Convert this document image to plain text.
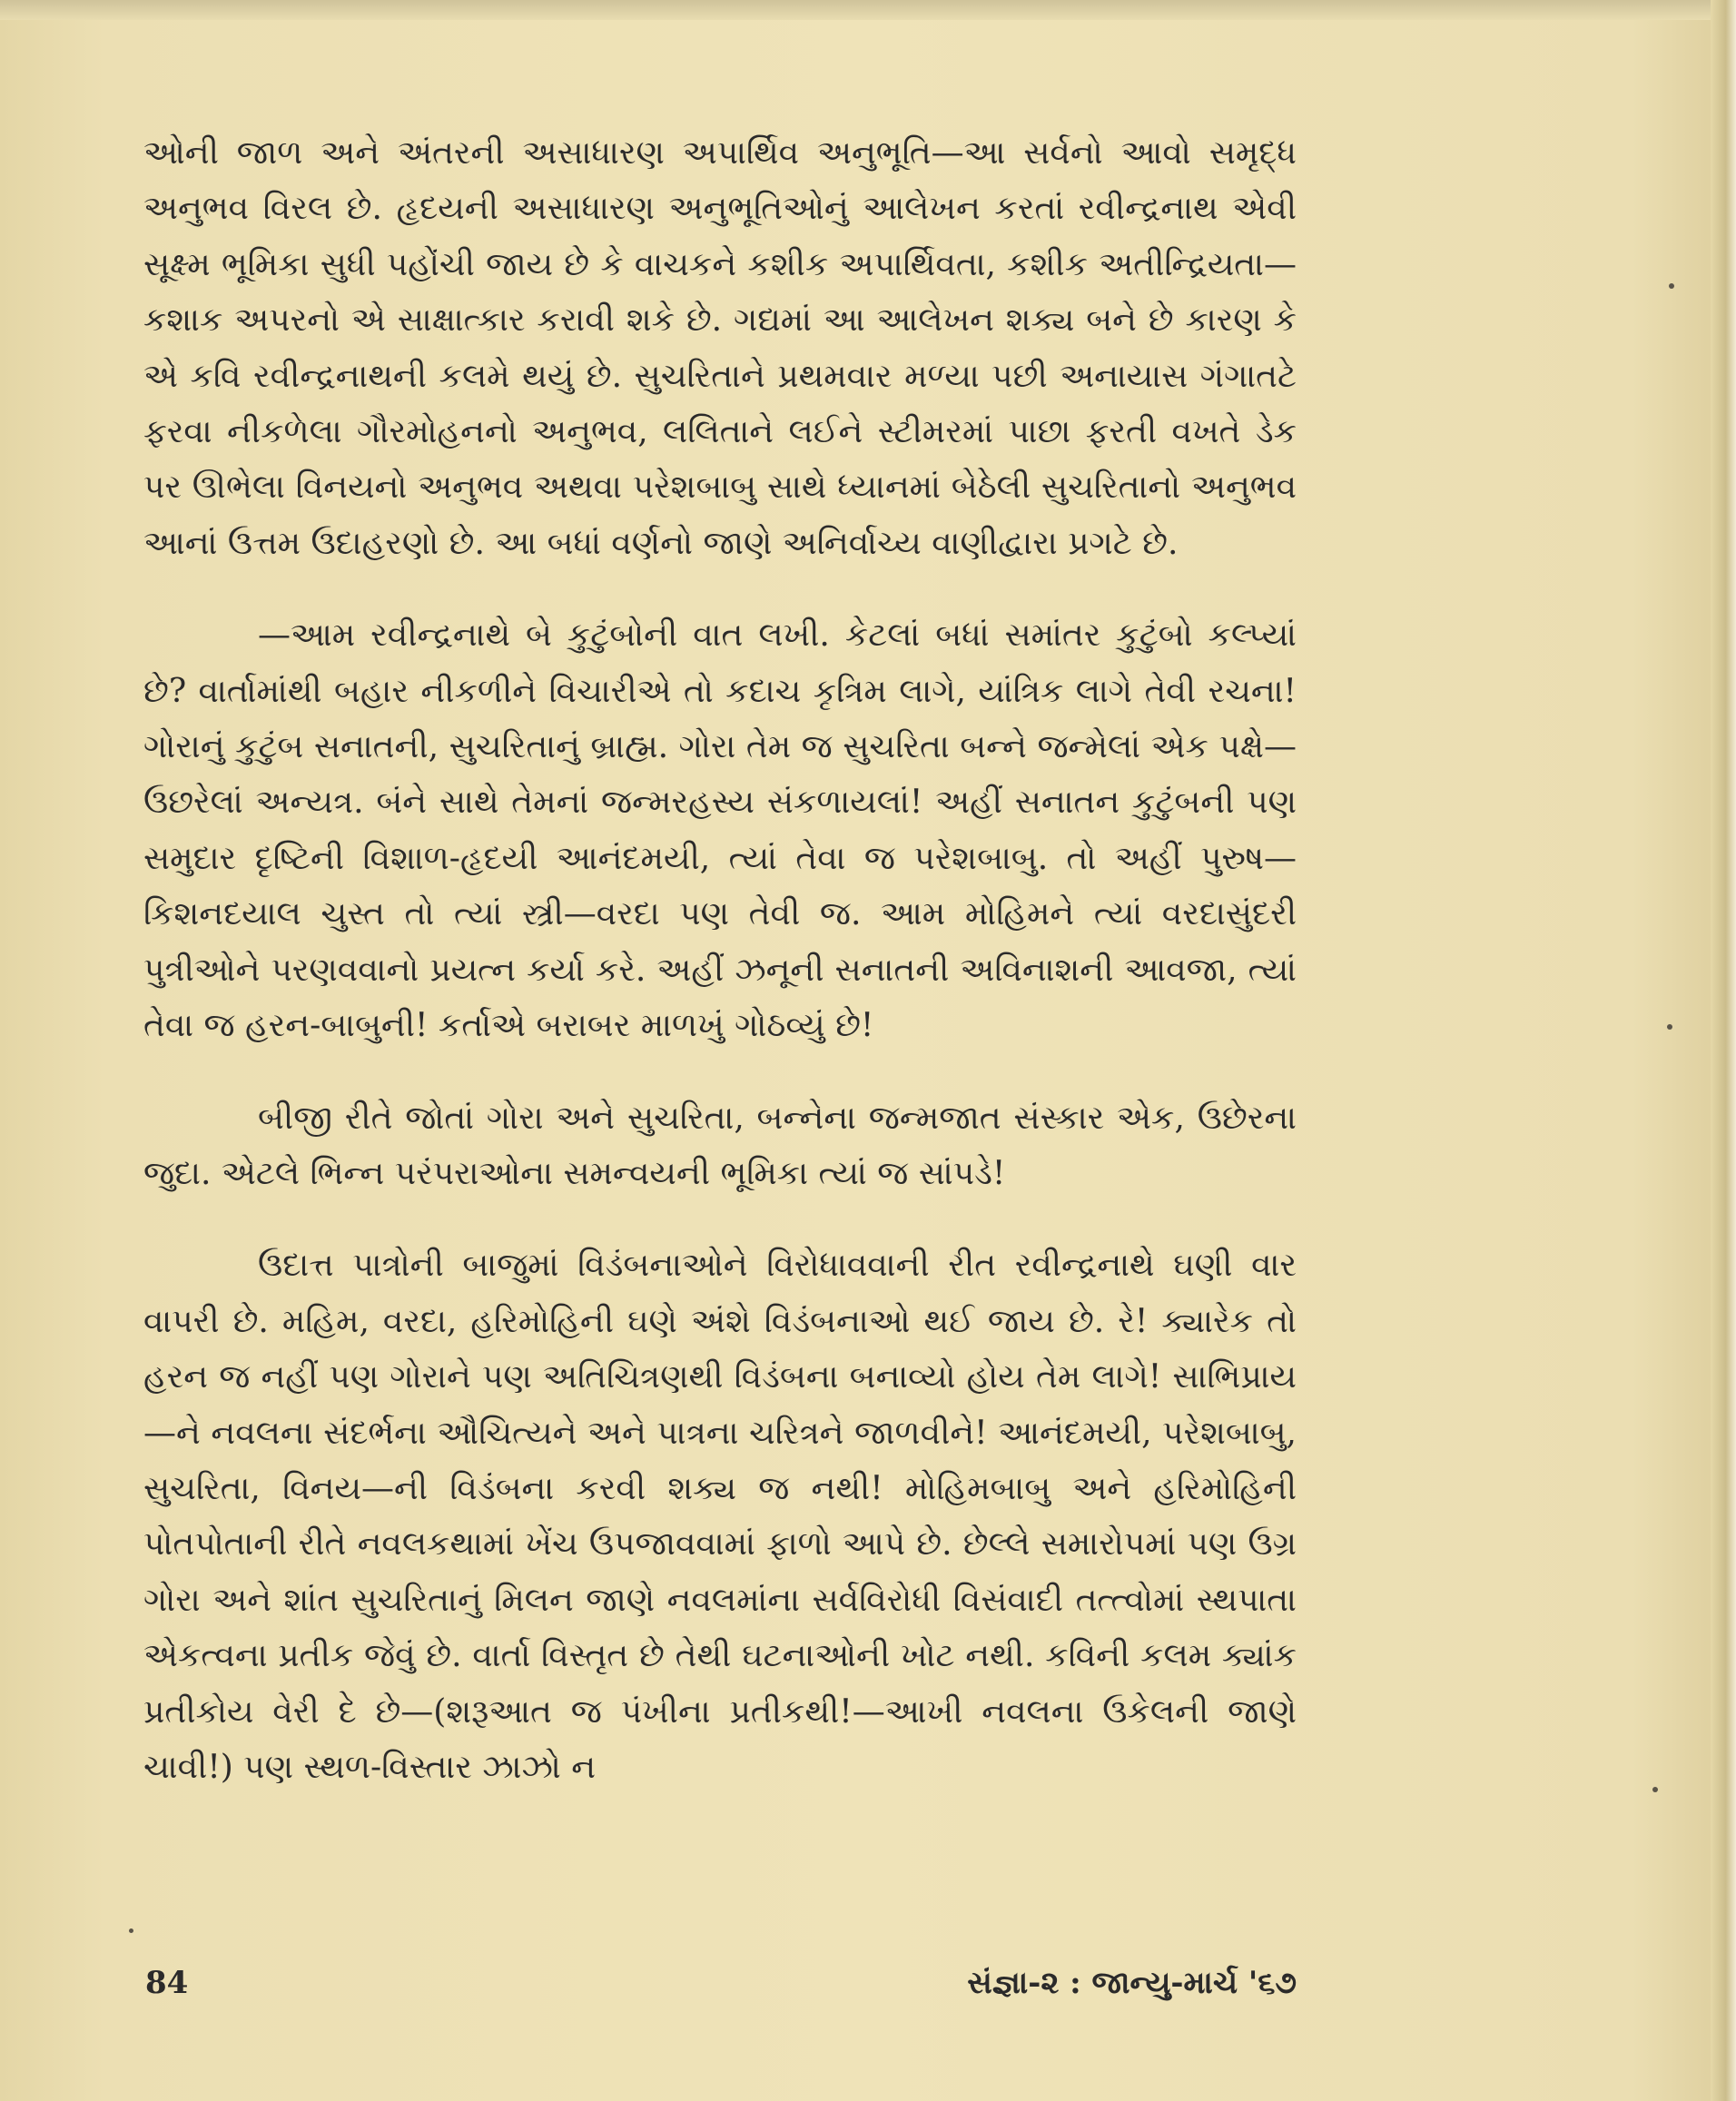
ઓની જાળ અને અંતરની અસાધારણ અપાર્થિવ અનુભૂતિ—આ સર્વનો આવો સમૃદ્ધ અનુભવ વિરલ છે. હૃદયની અસાધારણ અનુભૂતિઓનું આલેખન કરતાં રવીન્દ્રનાથ એવી સૂક્ષ્મ ભૂમિકા સુધી પહોંચી જાય છે કે વાચકને કશીક અપાર્થિવતા, કશીક અતીન્દ્રિયતા— કશાક અપરનો એ સાક્ષાત્કાર કરાવી શકે છે. ગદ્યમાં આ આલેખન શક્ય બને છે કારણ કે એ કવિ રવીન્દ્રનાથની કલમે થયું છે. સુચરિતાને પ્રથમવાર મળ્યા પછી અનાયાસ ગંગાતટે ફરવા નીકળેલા ગૌરમોહનનો અનુભવ, લલિતાને લઈને સ્ટીમરમાં પાછા ફરતી વખતે ડેક પર ઊભેલા વિનયનો અનુભવ અથવા પરેશબાબુ સાથે ધ્યાનમાં બેઠેલી સુચરિતાનો અનુભવ આનાં ઉત્તમ ઉદાહરણો છે. આ બધાં વર્ણનો જાણે અનિર્વાચ્ય વાણીદ્વારા પ્રગટે છે.

—આમ રવીન્દ્રનાથે બે કુટુંબોની વાત લખી. કેટલાં બધાં સમાંતર કુટુંબો કલ્પ્યાં છે? વાર્તામાંથી બહાર નીકળીને વિચારીએ તો કદાચ કૃત્રિમ લાગે, યાંત્રિક લાગે તેવી રચના! ગોરાનું કુટુંબ સનાતની, સુચરિતાનું બ્રાહ્મ. ગોરા તેમ જ સુચરિતા બન્ને જન્મેલાં એક પક્ષે— ઉછરેલાં અન્યત્ર. બંને સાથે તેમનાં જન્મરહસ્ય સંકળાયલાં! અહીં સનાતન કુટુંબની પણ સમુદાર દૃષ્ટિની વિશાળ-હૃદયી આનંદમયી, ત્યાં તેવા જ પરેશબાબુ. તો અહીં પુરુષ—કિશનદયાલ ચુસ્ત તો ત્યાં સ્ત્રી—વરદા પણ તેવી જ. આમ મોહિમને ત્યાં વરદાસુંદરી પુત્રીઓને પરણવવાનો પ્રયત્ન કર્યા કરે. અહીં ઝનૂની સનાતની અવિનાશની આવજા, ત્યાં તેવા જ હરન-બાબુની! કર્તાએ બરાબર માળખું ગોઠવ્યું છે!

બીજી રીતે જોતાં ગોરા અને સુચરિતા, બન્નેના જન્મજાત સંસ્કાર એક, ઉછેરના જુદા. એટલે ભિન્ન પરંપરાઓના સમન્વયની ભૂમિકા ત્યાં જ સાંપડે!

ઉદાત્ત પાત્રોની બાજુમાં વિડંબનાઓને વિરોધાવવાની રીત રવીન્દ્રનાથે ઘણી વાર વાપરી છે. મહિમ, વરદા, હરિમોહિની ઘણે અંશે વિડંબનાઓ થઈ જાય છે. રે! ક્યારેક તો હરન જ નહીં પણ ગોરાને પણ અતિચિત્રણથી વિડંબના બનાવ્યો હોય તેમ લાગે! સાભિપ્રાય—ને નવલના સંદર્ભના ઔચિત્યને અને પાત્રના ચરિત્રને જાળવીને! આનંદમયી, પરેશબાબુ, સુચરિતા, વિનય—ની વિડંબના કરવી શક્ય જ નથી! મોહિમબાબુ અને હરિમોહિની પોતપોતાની રીતે નવલકથામાં ખેંચ ઉપજાવવામાં ફાળો આપે છે. છેલ્લે સમારોપમાં પણ ઉગ્ર ગોરા અને શાંત સુચરિતાનું મિલન જાણે નવલમાંના સર્વવિરોધી વિસંવાદી તત્ત્વોમાં સ્થપાતા એકત્વના પ્રતીક જેવું છે. વાર્તા વિસ્તૃત છે તેથી ઘટનાઓની ખોટ નથી. કવિની કલમ ક્યાંક પ્રતીકોય વેરી દે છે—(શરૂઆત જ પંખીના પ્રતીકથી!—આખી નવલના ઉકેલની જાણે ચાવી!) પણ સ્થળ-વિસ્તાર ઝાઝો ન

84	સંજ્ઞા-૨ : જાન્યુ-માર્ચ '૬૭
